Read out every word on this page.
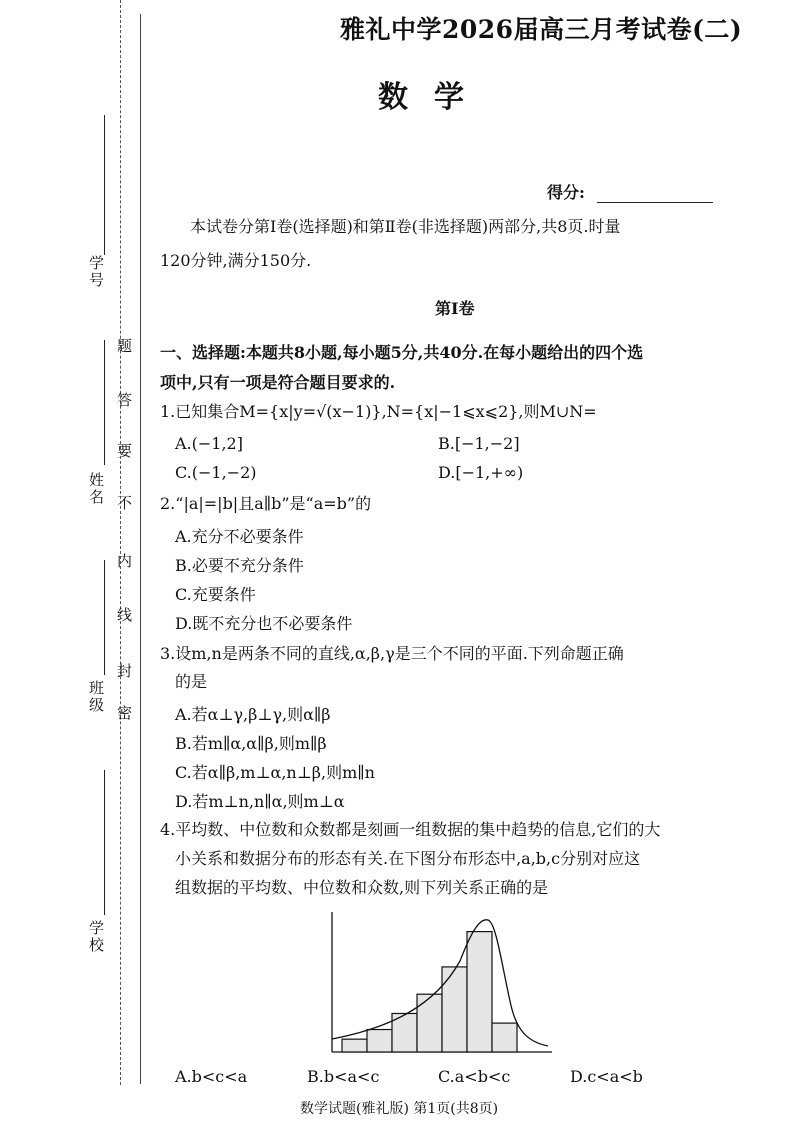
学号
姓名
班级
学校
密
封
线
内
不
要
答
题
雅礼中学2026届高三月考试卷(二)
数学
得分:
本试卷分第Ⅰ卷(选择题)和第Ⅱ卷(非选择题)两部分,共8页.时量
120分钟,满分150分.
第Ⅰ卷
一、选择题:本题共8小题,每小题5分,共40分.在每小题给出的四个选
项中,只有一项是符合题目要求的.
1.已知集合M={x|y=√(x−1)},N={x|−1⩽x⩽2},则M∪N=
A.(−1,2]	B.[−1,−2]
C.(−1,−2)	D.[−1,+∞)
2.“|a|=|b|且a∥b”是“a=b”的
A.充分不必要条件
B.必要不充分条件
C.充要条件
D.既不充分也不必要条件
3.设m,n是两条不同的直线,α,β,γ是三个不同的平面.下列命题正确
的是
A.若α⊥γ,β⊥γ,则α∥β
B.若m∥α,α∥β,则m∥β
C.若α∥β,m⊥α,n⊥β,则m∥n
D.若m⊥n,n∥α,则m⊥α
4.平均数、中位数和众数都是刻画一组数据的集中趋势的信息,它们的大
小关系和数据分布的形态有关.在下图分布形态中,a,b,c分别对应这
组数据的平均数、中位数和众数,则下列关系正确的是
A.b<c<a	B.b<a<c	C.a<b<c	D.c<a<b
数学试题(雅礼版) 第1页(共8页)
